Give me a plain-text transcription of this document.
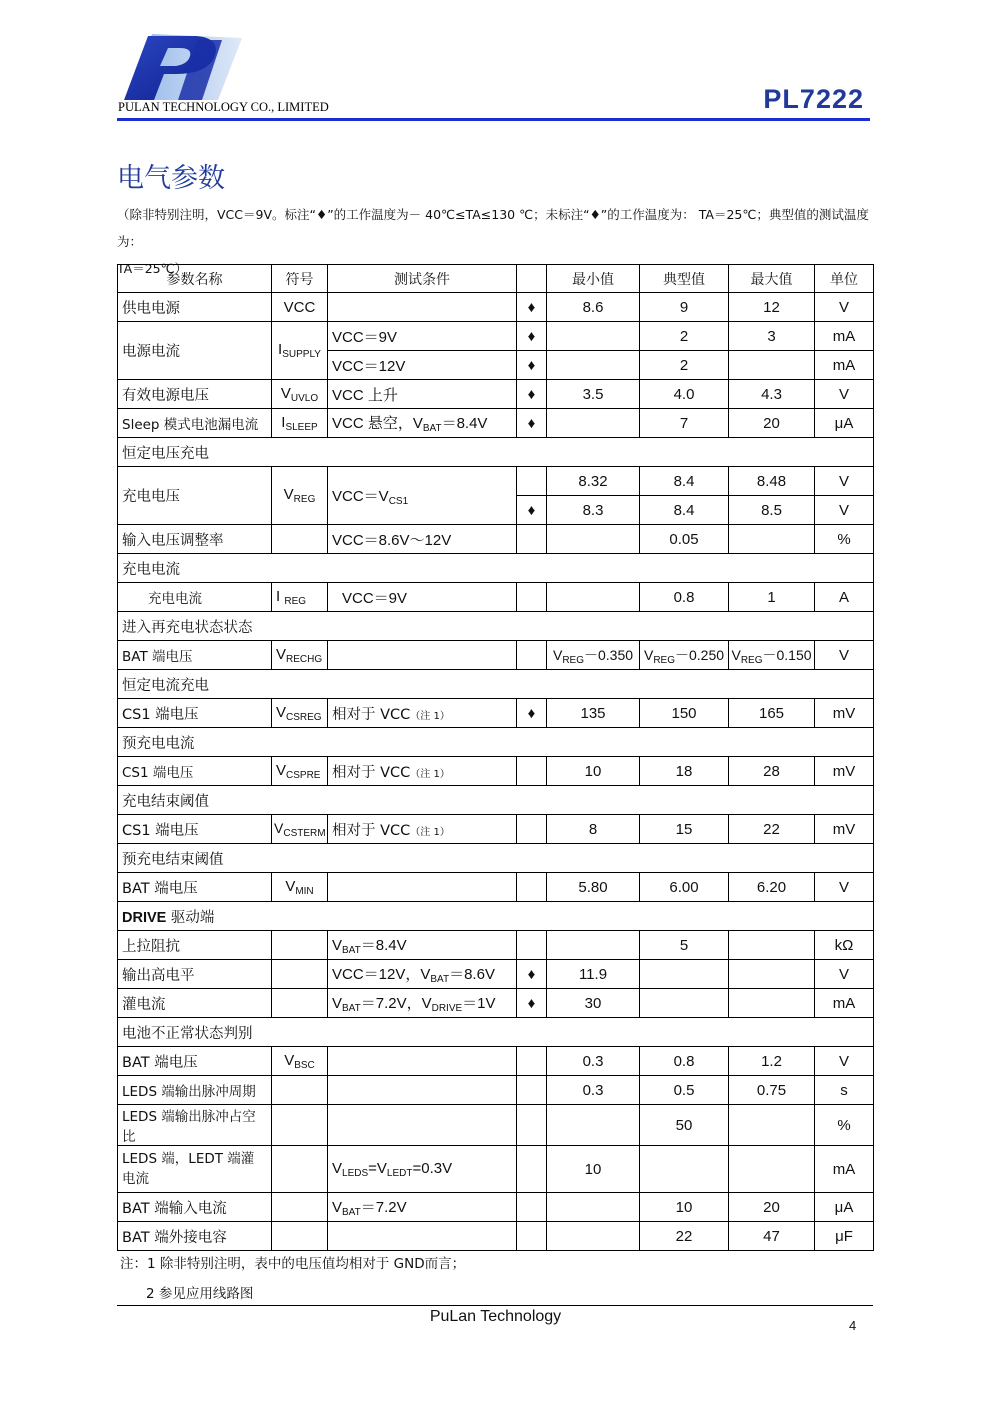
PULAN TECHNOLOGY CO., LIMITED	PL7222
电气参数
（除非特别注明，VCC＝9V。标注“♦”的工作温度为－ 40℃≤TA≤130 ℃；未标注“♦”的工作温度为： TA＝25℃；典型值的测试温度为：
TA＝25℃）
参数名称	符号	测试条件		最小值	典型值	最大值	单位
供电电源	VCC		♦	8.6	9	12	V
电源电流	$I_{SUPPLY}$	VCC＝9V	♦		2	3	mA
		VCC＝12V	♦		2		mA
有效电源电压	$V_{UVLO}$	VCC 上升	♦	3.5	4.0	4.3	V
Sleep 模式电池漏电流	$I_{SLEEP}$	VCC 悬空，$V_{BAT}=8.4V$	♦		7	20	μA
恒定电压充电							
充电电压	$V_{REG}$	$VCC=V_{CS1}$		8.32	8.4	8.48	V
			♦	8.3	8.4	8.5	V
输入电压调整率		VCC＝8.6V～12V			0.05		%
充电电流							
充电电流	I $_{REG}$	VCC＝9V			0.8	1	A
进入再充电状态状态							
BAT 端电压	$V_{RECHG}$			$V_{REG}-0.350$	$V_{REG}-0.250$	$V_{REG}-0.150$	V
恒定电流充电							
CS1 端电压	$V_{CSREG}$	相对于 VCC（注 1）	♦	135	150	165	mV
预充电电流							
CS1 端电压	$V_{CSPRE}$	相对于 VCC（注 1）		10	18	28	mV
充电结束阈值							
CS1 端电压	$V_{CSTERM}$	相对于 VCC（注 1）		8	15	22	mV
预充电结束阈值							
BAT 端电压	$V_{MIN}$			5.80	6.00	6.20	V
DRIVE 驱动端							
上拉阻抗		$V_{BAT}=8.4V$			5		kΩ
输出高电平		VCC＝12V，$V_{BAT}=8.6V$	♦	11.9			V
灌电流		$V_{BAT}=7.2V$，$V_{DRIVE}=1V$	♦	30			mA
电池不正常状态判别							
BAT 端电压	$V_{BSC}$			0.3	0.8	1.2	V
LEDS 端输出脉冲周期				0.3	0.5	0.75	s
LEDS 端输出脉冲占空比					50		%
LEDS 端，LEDT 端灌电流		$V_{LEDS}=V_{LEDT}=0.3V$		10			mA
BAT 端输入电流		$V_{BAT}=7.2V$			10	20	μA
BAT 端外接电容					22	47	μF
注：1 除非特别注明，表中的电压值均相对于 GND而言；
2 参见应用线路图
PuLan Technology
4
